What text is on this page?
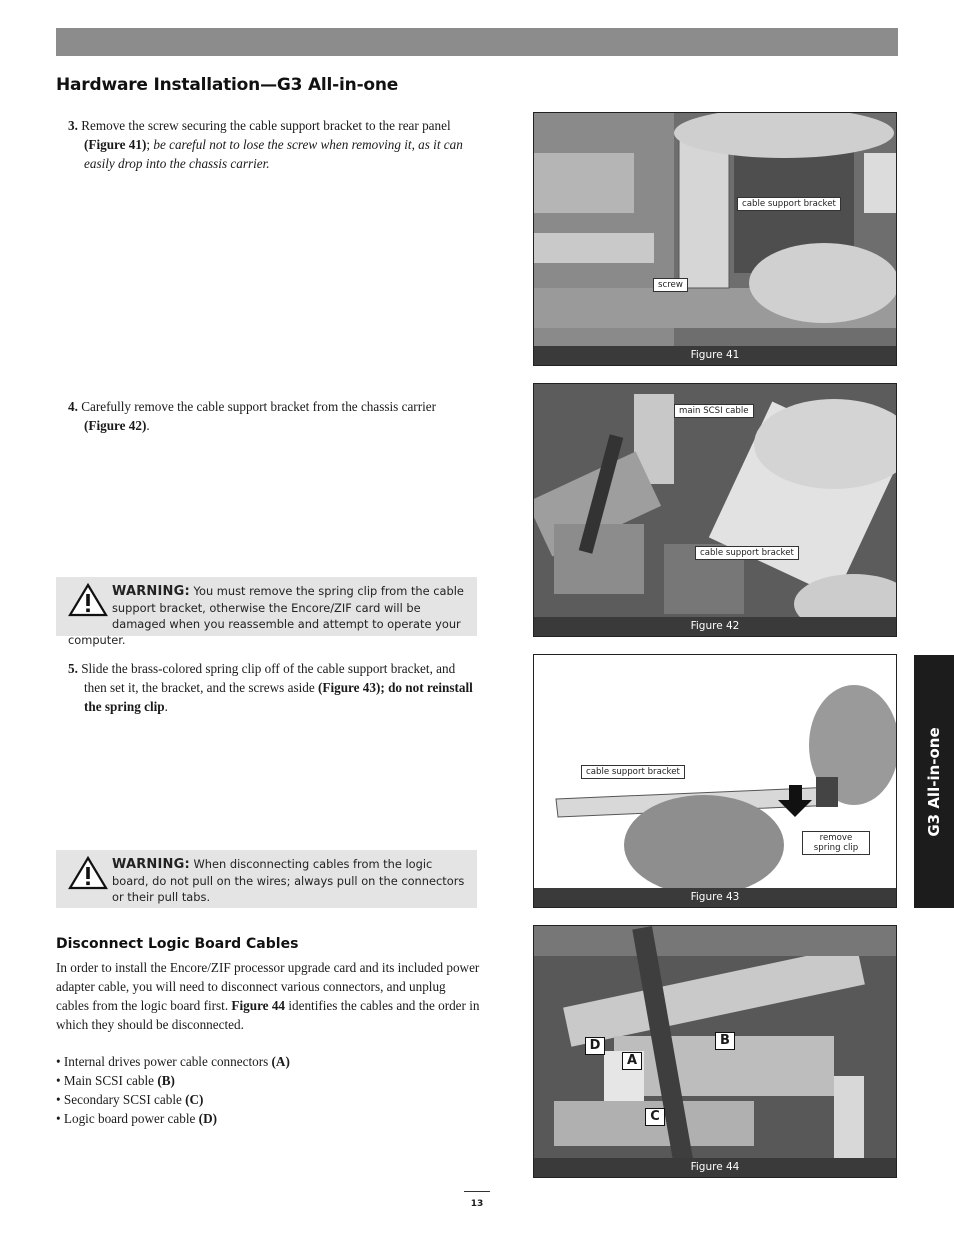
Hardware Installation—G3 All-in-one

3. Remove the screw securing the cable support bracket to the rear panel (Figure 41); be careful not to lose the screw when removing it, as it can easily drop into the chassis carrier.

4. Carefully remove the cable support bracket from the chassis carrier (Figure 42).

WARNING: You must remove the spring clip from the cable support bracket, otherwise the Encore/ZIF card will be damaged when you reassemble and attempt to operate your computer.

5. Slide the brass-colored spring clip off of the cable support bracket, and then set it, the bracket, and the screws aside (Figure 43); do not reinstall the spring clip.

WARNING: When disconnecting cables from the logic board, do not pull on the wires; always pull on the connectors or their pull tabs.
Disconnect Logic Board Cables

In order to install the Encore/ZIF processor upgrade card and its included power adapter cable, you will need to disconnect various connectors, and unplug cables from the logic board first. Figure 44 identifies the cables and the order in which they should be disconnected.

• Internal drives power cable connectors (A)
• Main SCSI cable (B)
• Secondary SCSI cable (C)
• Logic board power cable (D)
cable support bracket
screw
Figure 41
main SCSI cable
cable support bracket
Figure 42
cable support bracket
remove spring clip
Figure 43
D
A
B
C
Figure 44
G3 All-in-one
13
